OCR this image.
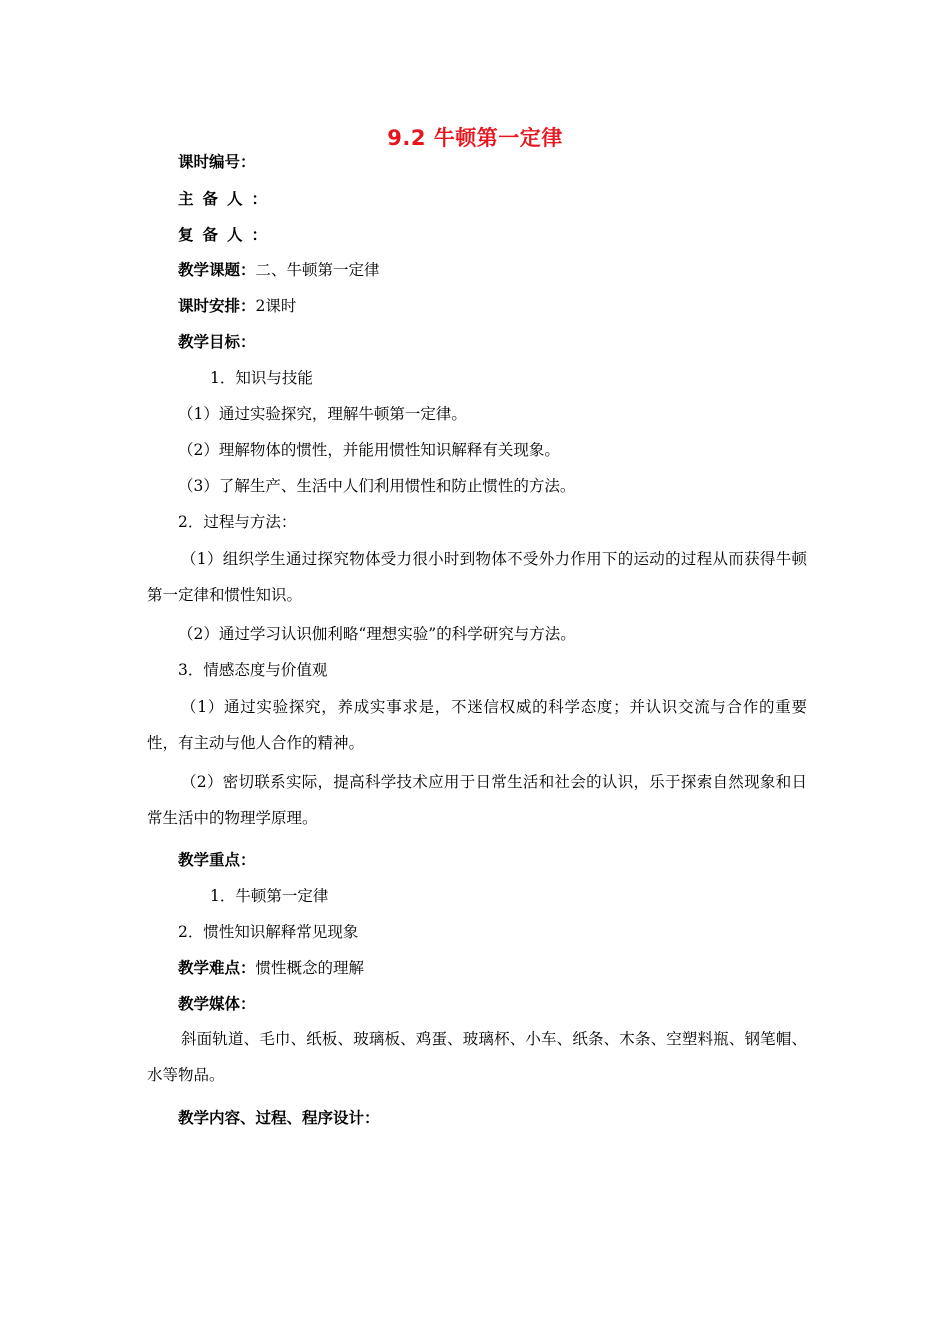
9.2 牛顿第一定律
课时编号：
主备人：
复备人：
教学课题：二、牛顿第一定律
课时安排：2课时
教学目标：
1．知识与技能
（1）通过实验探究，理解牛顿第一定律。
（2）理解物体的惯性，并能用惯性知识解释有关现象。
（3）了解生产、生活中人们利用惯性和防止惯性的方法。
2．过程与方法：
（1）组织学生通过探究物体受力很小时到物体不受外力作用下的运动的过程从而获得牛顿第一定律和惯性知识。
（2）通过学习认识伽利略“理想实验”的科学研究与方法。
3．情感态度与价值观
（1）通过实验探究，养成实事求是，不迷信权威的科学态度；并认识交流与合作的重要性，有主动与他人合作的精神。
（2）密切联系实际，提高科学技术应用于日常生活和社会的认识，乐于探索自然现象和日常生活中的物理学原理。
教学重点：
1．牛顿第一定律
2．惯性知识解释常见现象
教学难点：惯性概念的理解
教学媒体：
斜面轨道、毛巾、纸板、玻璃板、鸡蛋、玻璃杯、小车、纸条、木条、空塑料瓶、钢笔帽、水等物品。
教学内容、过程、程序设计：
